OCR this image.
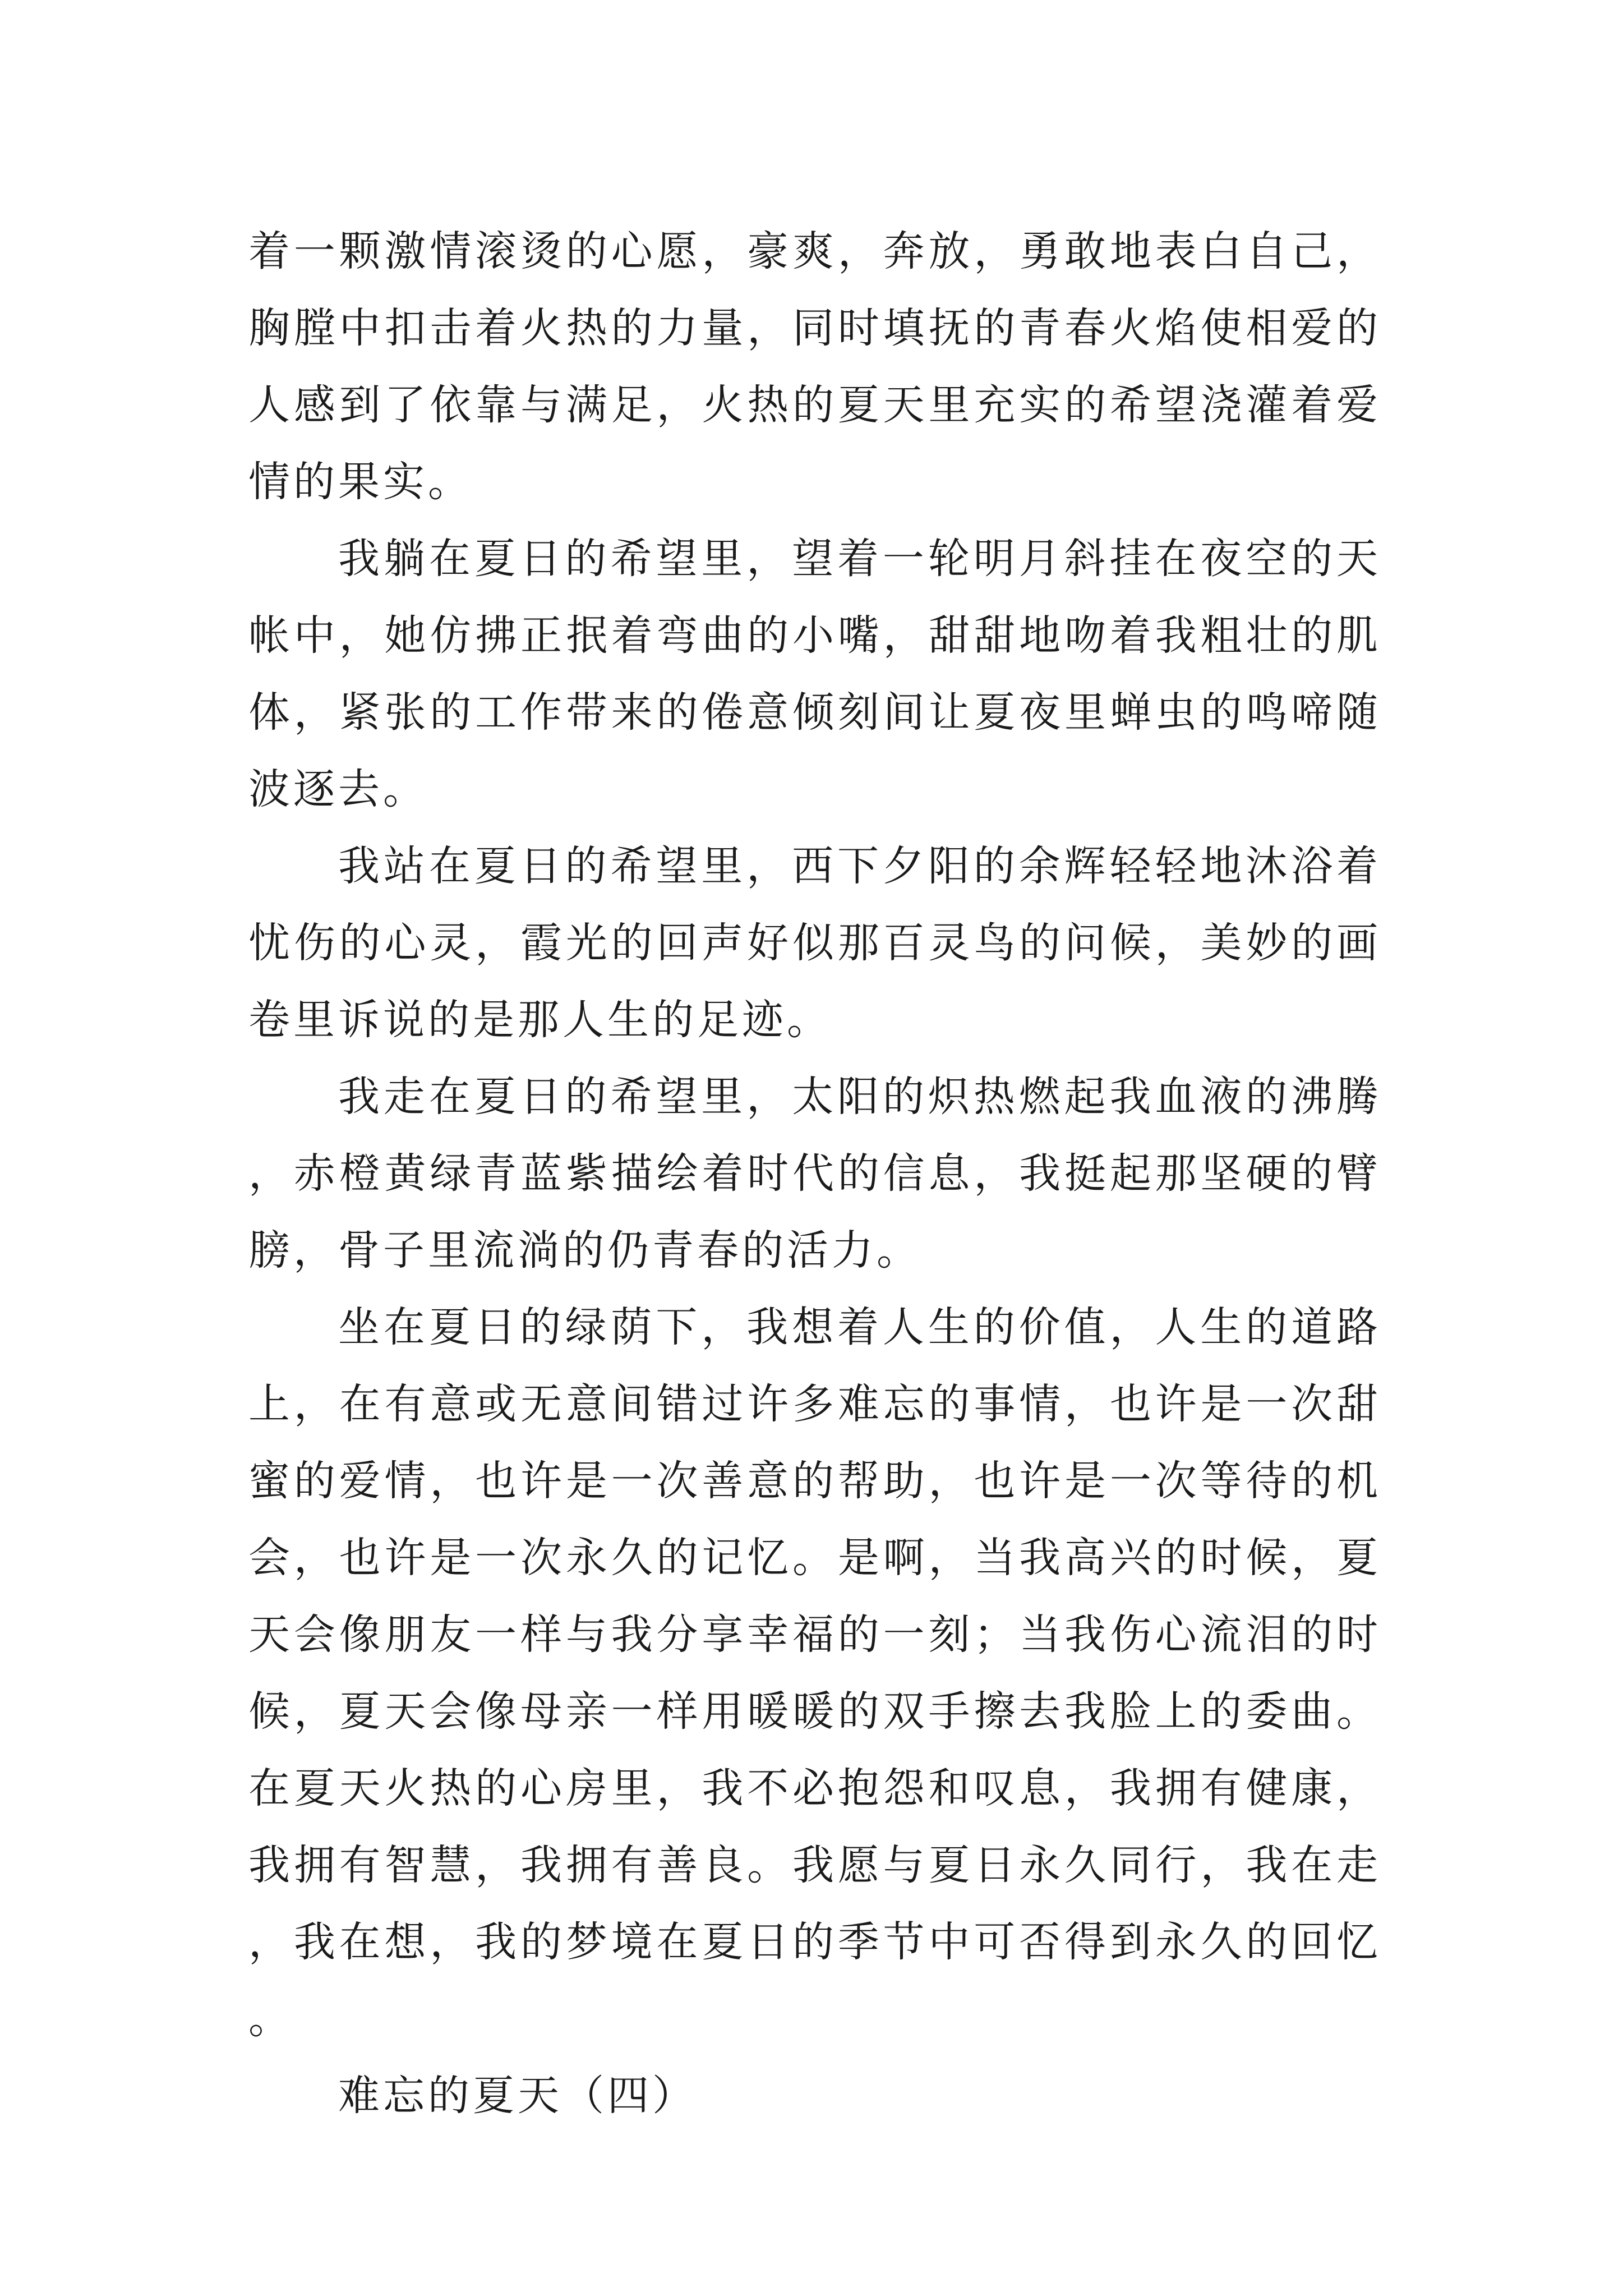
着一颗激情滚烫的心愿，豪爽，奔放，勇敢地表白自己，胸膛中扣击着火热的力量，同时填抚的青春火焰使相爱的人感到了依靠与满足，火热的夏天里充实的希望浇灌着爱情的果实。

我躺在夏日的希望里，望着一轮明月斜挂在夜空的天帐中，她仿拂正抿着弯曲的小嘴，甜甜地吻着我粗壮的肌体，紧张的工作带来的倦意倾刻间让夏夜里蝉虫的鸣啼随波逐去。

我站在夏日的希望里，西下夕阳的余辉轻轻地沐浴着忧伤的心灵，霞光的回声好似那百灵鸟的问候，美妙的画卷里诉说的是那人生的足迹。

我走在夏日的希望里，太阳的炽热燃起我血液的沸腾，赤橙黄绿青蓝紫描绘着时代的信息，我挺起那坚硬的臂膀，骨子里流淌的仍青春的活力。

坐在夏日的绿荫下，我想着人生的价值，人生的道路上，在有意或无意间错过许多难忘的事情，也许是一次甜蜜的爱情，也许是一次善意的帮助，也许是一次等待的机会，也许是一次永久的记忆。是啊，当我高兴的时候，夏天会像朋友一样与我分享幸福的一刻；当我伤心流泪的时候，夏天会像母亲一样用暖暖的双手擦去我脸上的委曲。在夏天火热的心房里，我不必抱怨和叹息，我拥有健康，我拥有智慧，我拥有善良。我愿与夏日永久同行，我在走，我在想，我的梦境在夏日的季节中可否得到永久的回忆。

难忘的夏天（四）
